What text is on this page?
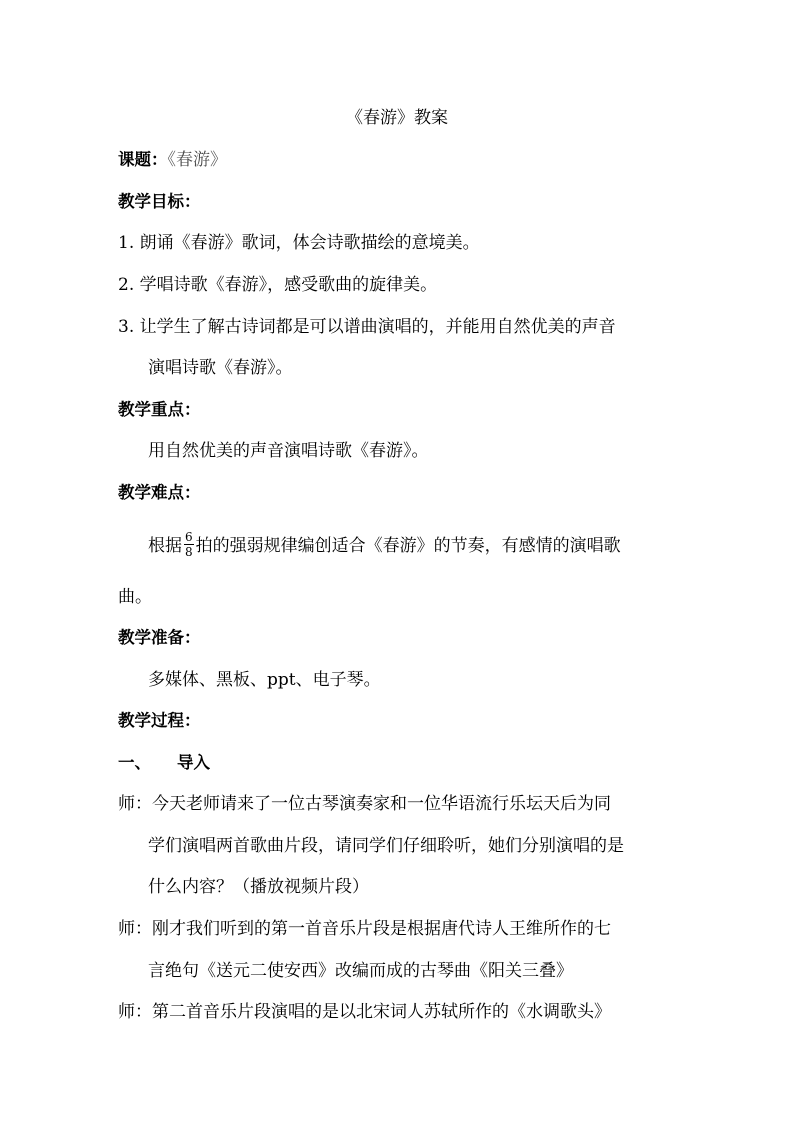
《春游》教案
课题：《春游》
教学目标：
1. 朗诵《春游》歌词，体会诗歌描绘的意境美。
2. 学唱诗歌《春游》，感受歌曲的旋律美。
3. 让学生了解古诗词都是可以谱曲演唱的，并能用自然优美的声音
演唱诗歌《春游》。
教学重点：
用自然优美的声音演唱诗歌《春游》。
教学难点：
根据 $\frac{6}{8}$ 拍的强弱规律编创适合《春游》的节奏，有感情的演唱歌
曲。
教学准备：
多媒体、黑板、ppt、电子琴。
教学过程：
一、 导入
师：今天老师请来了一位古琴演奏家和一位华语流行乐坛天后为同
学们演唱两首歌曲片段，请同学们仔细聆听，她们分别演唱的是
什么内容？（播放视频片段）
师：刚才我们听到的第一首音乐片段是根据唐代诗人王维所作的七
言绝句《送元二使安西》改编而成的古琴曲《阳关三叠》
师：第二首音乐片段演唱的是以北宋词人苏轼所作的《水调歌头》
